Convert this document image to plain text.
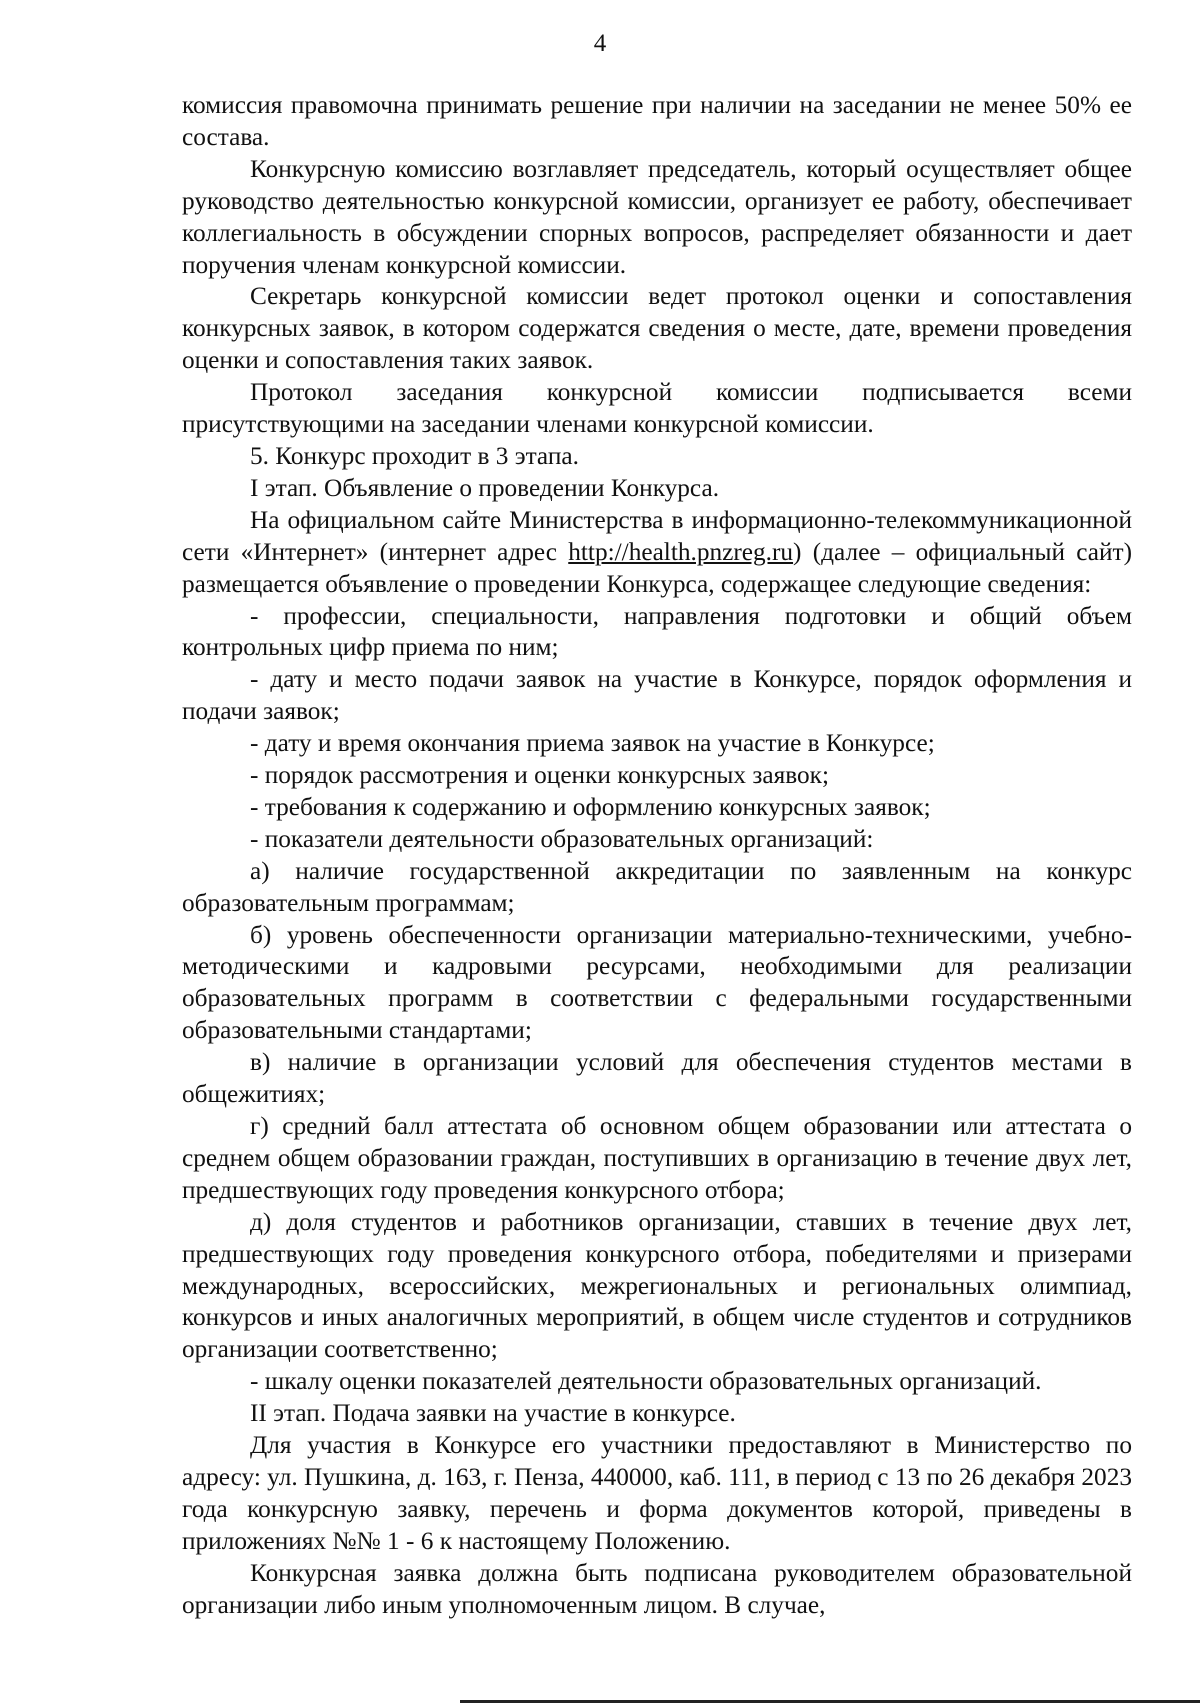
4

комиссия правомочна принимать решение при наличии на заседании не менее 50% ее состава.

Конкурсную комиссию возглавляет председатель, который осуществляет общее руководство деятельностью конкурсной комиссии, организует ее работу, обеспечивает коллегиальность в обсуждении спорных вопросов, распределяет обязанности и дает поручения членам конкурсной комиссии.

Секретарь конкурсной комиссии ведет протокол оценки и сопоставления конкурсных заявок, в котором содержатся сведения о месте, дате, времени проведения оценки и сопоставления таких заявок.

Протокол заседания конкурсной комиссии подписывается всеми присутствующими на заседании членами конкурсной комиссии.

5. Конкурс проходит в 3 этапа.

I этап. Объявление о проведении Конкурса.

На официальном сайте Министерства в информационно-телекоммуникационной сети «Интернет» (интернет адрес http://health.pnzreg.ru) (далее – официальный сайт) размещается объявление о проведении Конкурса, содержащее следующие сведения:

- профессии, специальности, направления подготовки и общий объем контрольных цифр приема по ним;

- дату и место подачи заявок на участие в Конкурсе, порядок оформления и подачи заявок;

- дату и время окончания приема заявок на участие в Конкурсе;

- порядок рассмотрения и оценки конкурсных заявок;

- требования к содержанию и оформлению конкурсных заявок;

- показатели деятельности образовательных организаций:

а) наличие государственной аккредитации по заявленным на конкурс образовательным программам;

б) уровень обеспеченности организации материально-техническими, учебно-методическими и кадровыми ресурсами, необходимыми для реализации образовательных программ в соответствии с федеральными государственными образовательными стандартами;

в) наличие в организации условий для обеспечения студентов местами в общежитиях;

г) средний балл аттестата об основном общем образовании или аттестата о среднем общем образовании граждан, поступивших в организацию в течение двух лет, предшествующих году проведения конкурсного отбора;

д) доля студентов и работников организации, ставших в течение двух лет, предшествующих году проведения конкурсного отбора, победителями и призерами международных, всероссийских, межрегиональных и региональных олимпиад, конкурсов и иных аналогичных мероприятий, в общем числе студентов и сотрудников организации соответственно;

- шкалу оценки показателей деятельности образовательных организаций.

II этап. Подача заявки на участие в конкурсе.

Для участия в Конкурсе его участники предоставляют в Министерство по адресу: ул. Пушкина, д. 163, г. Пенза, 440000, каб. 111, в период с 13 по 26 декабря 2023 года конкурсную заявку, перечень и форма документов которой, приведены в приложениях №№ 1 - 6 к настоящему Положению.

Конкурсная заявка должна быть подписана руководителем образовательной организации либо иным уполномоченным лицом. В случае,
